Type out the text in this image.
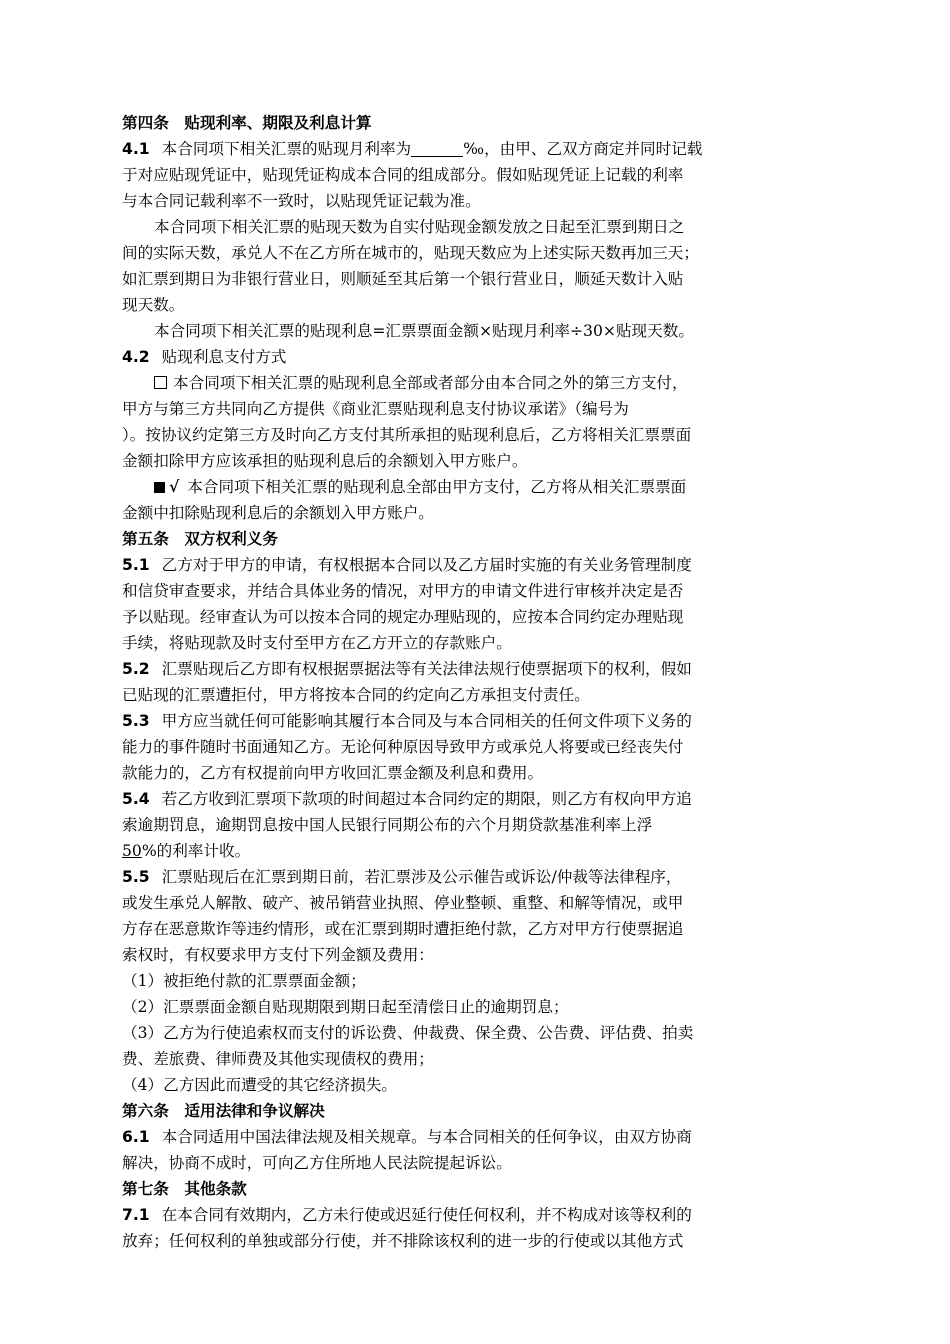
第四条　贴现利率、期限及利息计算
4.1 本合同项下相关汇票的贴现月利率为	‰，由甲、乙双方商定并同时记载
于对应贴现凭证中，贴现凭证构成本合同的组成部分。假如贴现凭证上记载的利率
与本合同记载利率不一致时，以贴现凭证记载为准。
本合同项下相关汇票的贴现天数为自实付贴现金额发放之日起至汇票到期日之
间的实际天数，承兑人不在乙方所在城市的，贴现天数应为上述实际天数再加三天；
如汇票到期日为非银行营业日，则顺延至其后第一个银行营业日，顺延天数计入贴
现天数。
本合同项下相关汇票的贴现利息=汇票票面金额×贴现月利率÷30×贴现天数。
4.2 贴现利息支付方式
本合同项下相关汇票的贴现利息全部或者部分由本合同之外的第三方支付，
甲方与第三方共同向乙方提供《商业汇票贴现利息支付协议承诺》（编号为
）。按协议约定第三方及时向乙方支付其所承担的贴现利息后，乙方将相关汇票票面
金额扣除甲方应该承担的贴现利息后的余额划入甲方账户。
√ 本合同项下相关汇票的贴现利息全部由甲方支付，乙方将从相关汇票票面
金额中扣除贴现利息后的余额划入甲方账户。
第五条　双方权利义务
5.1 乙方对于甲方的申请，有权根据本合同以及乙方届时实施的有关业务管理制度
和信贷审查要求，并结合具体业务的情况，对甲方的申请文件进行审核并决定是否
予以贴现。经审查认为可以按本合同的规定办理贴现的，应按本合同约定办理贴现
手续，将贴现款及时支付至甲方在乙方开立的存款账户。
5.2 汇票贴现后乙方即有权根据票据法等有关法律法规行使票据项下的权利，假如
已贴现的汇票遭拒付，甲方将按本合同的约定向乙方承担支付责任。
5.3 甲方应当就任何可能影响其履行本合同及与本合同相关的任何文件项下义务的
能力的事件随时书面通知乙方。无论何种原因导致甲方或承兑人将要或已经丧失付
款能力的，乙方有权提前向甲方收回汇票金额及利息和费用。
5.4 若乙方收到汇票项下款项的时间超过本合同约定的期限，则乙方有权向甲方追
索逾期罚息，逾期罚息按中国人民银行同期公布的六个月期贷款基准利率上浮
50%的利率计收。
5.5 汇票贴现后在汇票到期日前，若汇票涉及公示催告或诉讼/仲裁等法律程序，
或发生承兑人解散、破产、被吊销营业执照、停业整顿、重整、和解等情况，或甲
方存在恶意欺诈等违约情形，或在汇票到期时遭拒绝付款，乙方对甲方行使票据追
索权时，有权要求甲方支付下列金额及费用：
（1）被拒绝付款的汇票票面金额；
（2）汇票票面金额自贴现期限到期日起至清偿日止的逾期罚息；
（3）乙方为行使追索权而支付的诉讼费、仲裁费、保全费、公告费、评估费、拍卖
费、差旅费、律师费及其他实现债权的费用；
（4）乙方因此而遭受的其它经济损失。
第六条　适用法律和争议解决
6.1 本合同适用中国法律法规及相关规章。与本合同相关的任何争议，由双方协商
解决，协商不成时，可向乙方住所地人民法院提起诉讼。
第七条　其他条款
7.1 在本合同有效期内，乙方未行使或迟延行使任何权利，并不构成对该等权利的
放弃；任何权利的单独或部分行使，并不排除该权利的进一步的行使或以其他方式
